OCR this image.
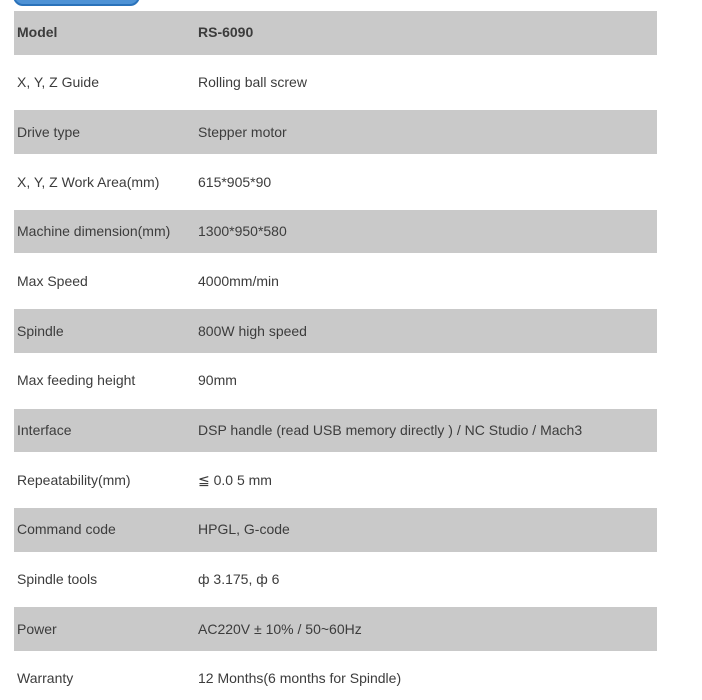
Model	RS-6090
X, Y, Z Guide	Rolling ball screw
Drive type	Stepper motor
X, Y, Z Work Area(mm)	615*905*90
Machine dimension(mm)	1300*950*580
Max Speed	4000mm/min
Spindle	800W high speed
Max feeding height	90mm
Interface	DSP handle (read USB memory directly ) / NC Studio / Mach3
Repeatability(mm)	≦ 0.0 5 mm
Command code	HPGL, G-code
Spindle tools	ф 3.175, ф 6
Power	AC220V ± 10% / 50~60Hz
Warranty	12 Months(6 months for Spindle)
